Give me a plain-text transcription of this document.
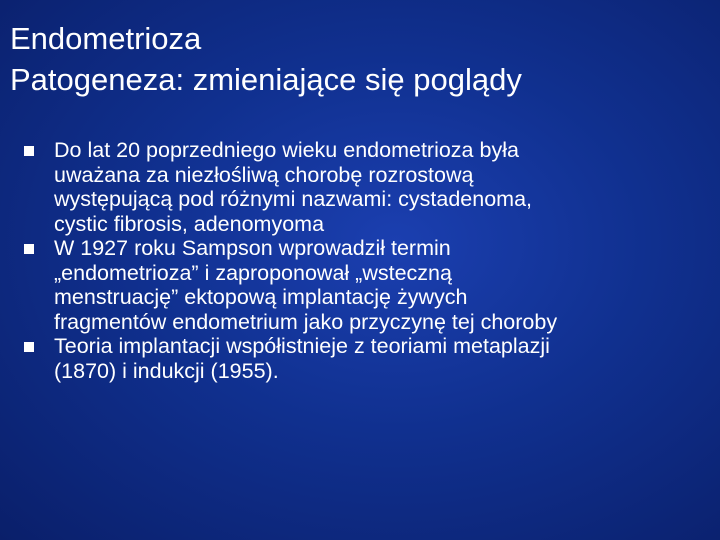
Endometrioza
Patogeneza: zmieniające się poglądy
Do lat 20 poprzedniego wieku endometrioza była
uważana za niezłośliwą chorobę rozrostową
występującą pod różnymi nazwami: cystadenoma,
cystic fibrosis, adenomyoma
W 1927 roku Sampson wprowadził termin
„endometrioza” i zaproponował „wsteczną
menstruację” ektopową implantację żywych
fragmentów endometrium jako przyczynę tej choroby
Teoria implantacji współistnieje z teoriami metaplazji
(1870) i indukcji (1955).
